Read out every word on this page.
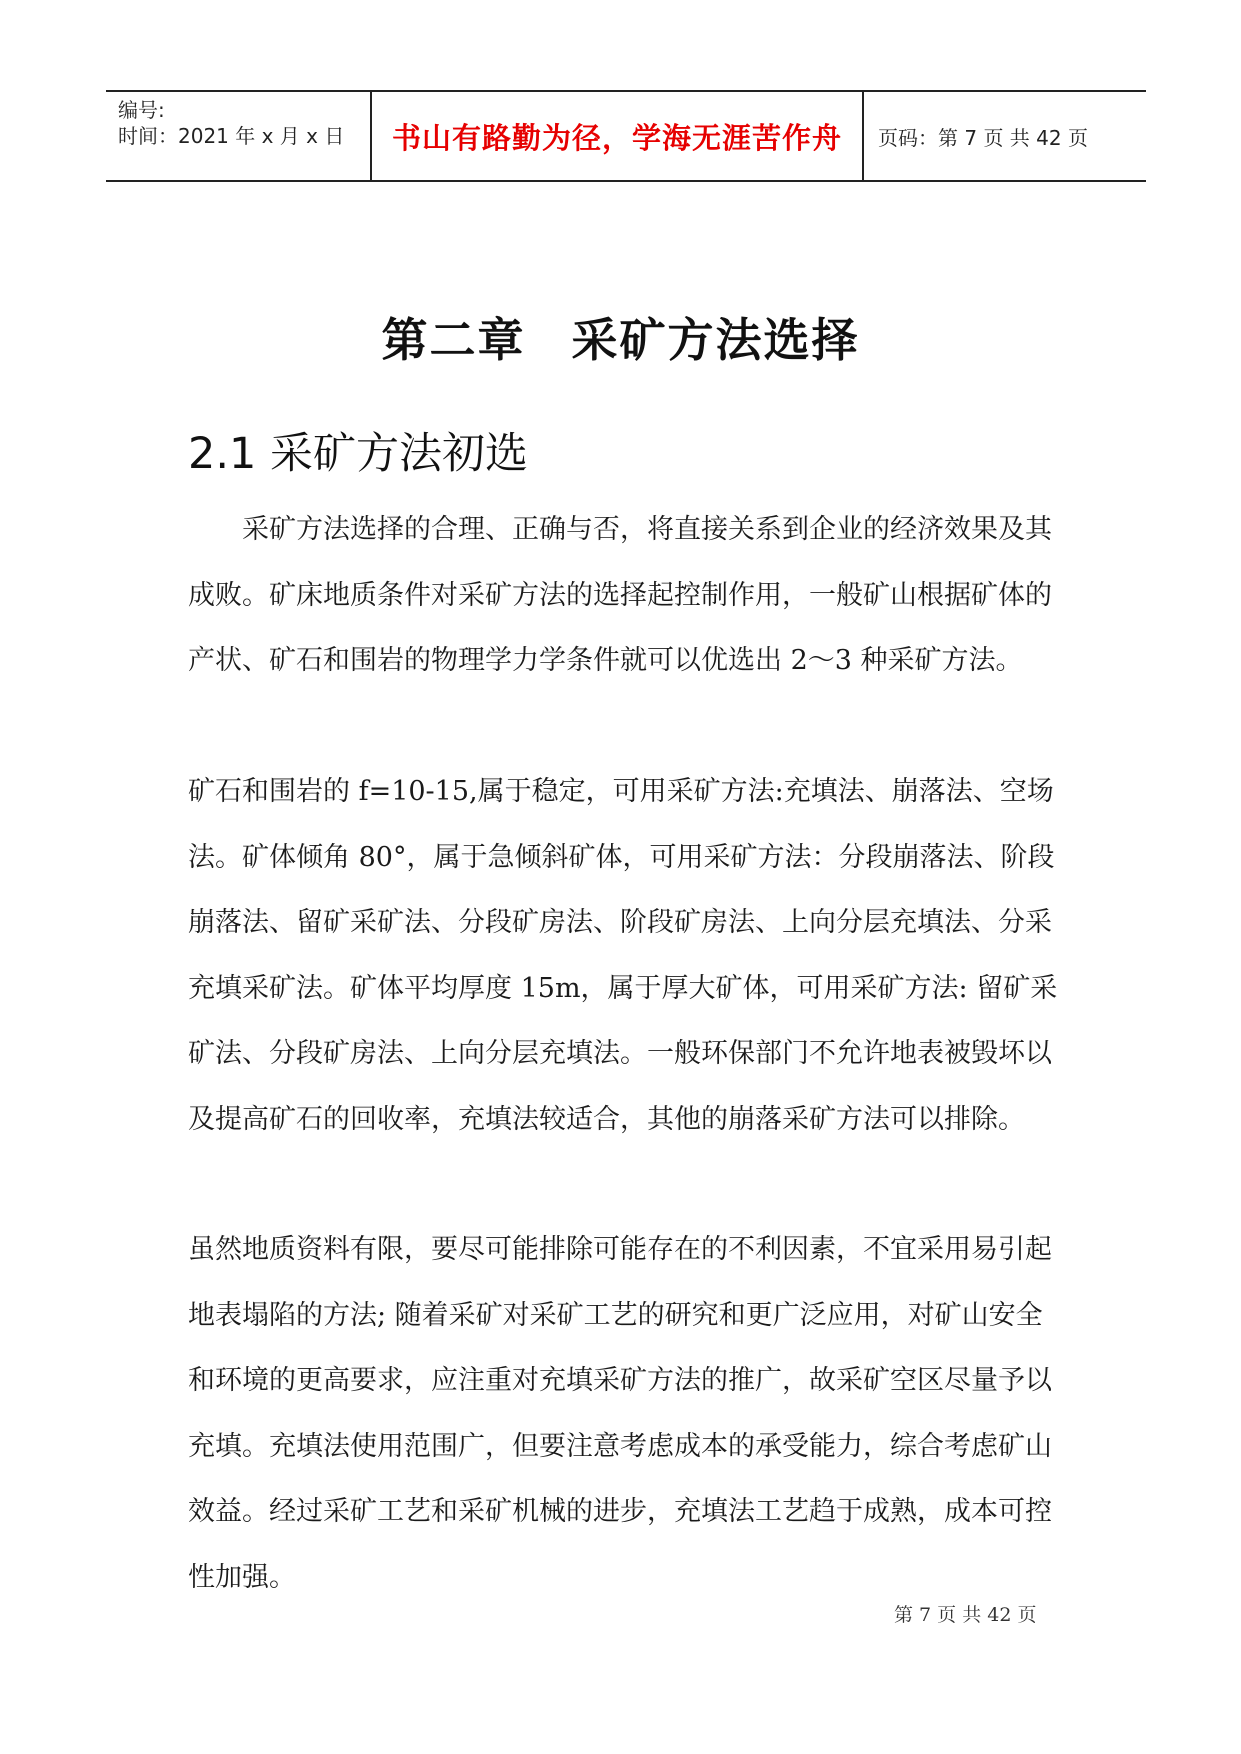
编号:
时间：2021 年 x 月 x 日 书山有路勤为径，学海无涯苦作舟 页码：第 7 页 共 42 页
第二章 采矿方法选择
2.1 采矿方法初选

采矿方法选择的合理、正确与否，将直接关系到企业的经济效果及其成败。矿床地质条件对采矿方法的选择起控制作用，一般矿山根据矿体的产状、矿石和围岩的物理学力学条件就可以优选出 2～3 种采矿方法。

矿石和围岩的 f=10-15,属于稳定，可用采矿方法:充填法、崩落法、空场法。矿体倾角 80°，属于急倾斜矿体，可用采矿方法：分段崩落法、阶段崩落法、留矿采矿法、分段矿房法、阶段矿房法、上向分层充填法、分采充填采矿法。矿体平均厚度 15m，属于厚大矿体，可用采矿方法: 留矿采矿法、分段矿房法、上向分层充填法。一般环保部门不允许地表被毁坏以及提高矿石的回收率，充填法较适合，其他的崩落采矿方法可以排除。

虽然地质资料有限，要尽可能排除可能存在的不利因素，不宜采用易引起地表塌陷的方法; 随着采矿对采矿工艺的研究和更广泛应用，对矿山安全和环境的更高要求，应注重对充填采矿方法的推广，故采矿空区尽量予以充填。充填法使用范围广，但要注意考虑成本的承受能力，综合考虑矿山效益。经过采矿工艺和采矿机械的进步，充填法工艺趋于成熟，成本可控性加强。

第 7 页 共 42 页
